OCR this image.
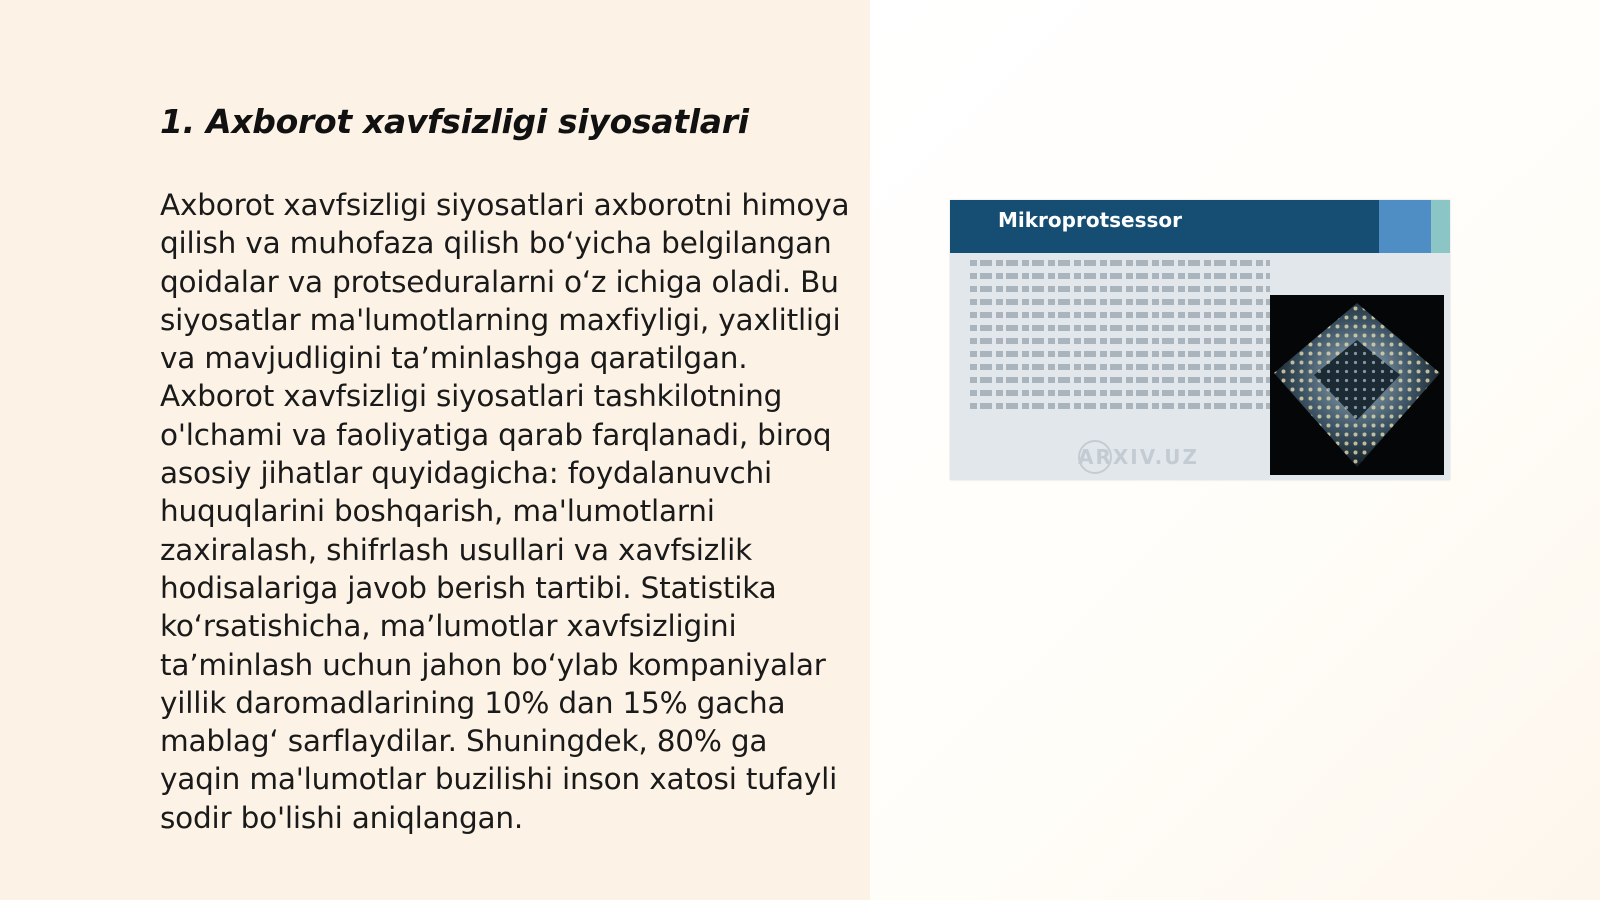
1. Axborot xavfsizligi siyosatlari

Axborot xavfsizligi siyosatlari axborotni himoya qilish va muhofaza qilish bo‘yicha belgilangan qoidalar va protseduralarni o‘z ichiga oladi. Bu siyosatlar ma'lumotlarning maxfiyligi, yaxlitligi va mavjudligini ta’minlashga qaratilgan. Axborot xavfsizligi siyosatlari tashkilotning o'lchami va faoliyatiga qarab farqlanadi, biroq asosiy jihatlar quyidagicha: foydalanuvchi huquqlarini boshqarish, ma'lumotlarni zaxiralash, shifrlash usullari va xavfsizlik hodisalariga javob berish tartibi. Statistika ko‘rsatishicha, ma’lumotlar xavfsizligini ta’minlash uchun jahon bo‘ylab kompaniyalar yillik daromadlarining 10% dan 15% gacha mablag‘ sarflaydilar. Shuningdek, 80% ga yaqin ma'lumotlar buzilishi inson xatosi tufayli sodir bo'lishi aniqlangan.

Mikroprotsessor
ARXIV.UZ
